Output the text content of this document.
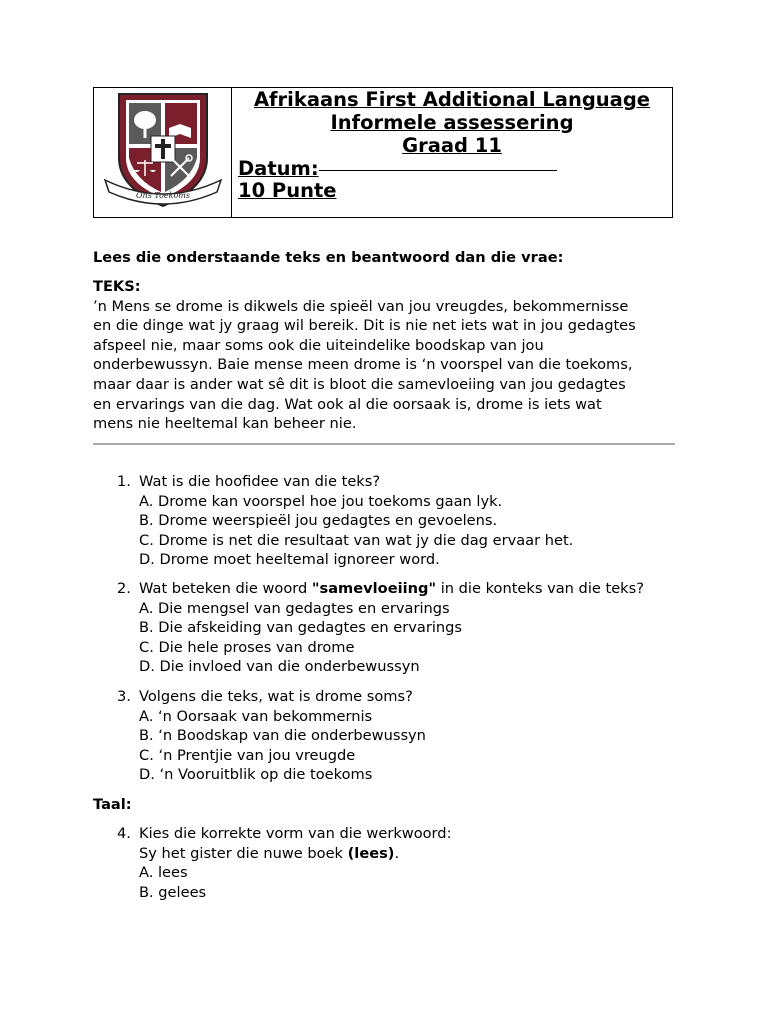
Ons Toekoms
Afrikaans First Additional Language
Informele assessering
Graad 11
Datum:
10 Punte
Lees die onderstaande teks en beantwoord dan die vrae:
TEKS:
’n Mens se drome is dikwels die spieël van jou vreugdes, bekommernisse
en die dinge wat jy graag wil bereik. Dit is nie net iets wat in jou gedagtes
afspeel nie, maar soms ook die uiteindelike boodskap van jou
onderbewussyn. Baie mense meen drome is ‘n voorspel van die toekoms,
maar daar is ander wat sê dit is bloot die samevloeiing van jou gedagtes
en ervarings van die dag. Wat ook al die oorsaak is, drome is iets wat
mens nie heeltemal kan beheer nie.
1. Wat is die hoofidee van die teks?
A. Drome kan voorspel hoe jou toekoms gaan lyk.
B. Drome weerspieël jou gedagtes en gevoelens.
C. Drome is net die resultaat van wat jy die dag ervaar het.
D. Drome moet heeltemal ignoreer word.
2. Wat beteken die woord "samevloeiing" in die konteks van die teks?
A. Die mengsel van gedagtes en ervarings
B. Die afskeiding van gedagtes en ervarings
C. Die hele proses van drome
D. Die invloed van die onderbewussyn
3. Volgens die teks, wat is drome soms?
A. ‘n Oorsaak van bekommernis
B. ‘n Boodskap van die onderbewussyn
C. ‘n Prentjie van jou vreugde
D. ‘n Vooruitblik op die toekoms
Taal:
4. Kies die korrekte vorm van die werkwoord:
Sy het gister die nuwe boek (lees).
A. lees
B. gelees
